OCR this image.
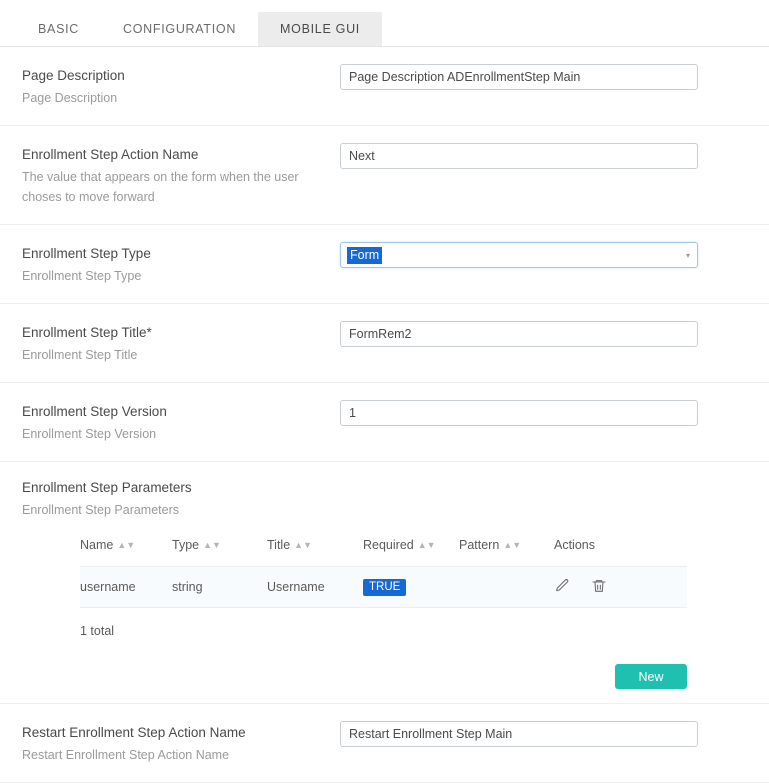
BASIC	CONFIGURATION	MOBILE GUI
Page Description
Page Description
Page Description ADEnrollmentStep Main
Enrollment Step Action Name
The value that appears on the form when the user choses to move forward
Next
Enrollment Step Type
Enrollment Step Type
Form	▾
Enrollment Step Title*
Enrollment Step Title
FormRem2
Enrollment Step Version
Enrollment Step Version
1
Enrollment Step Parameters
Enrollment Step Parameters
Name ▲▼	Type ▲▼	Title ▲▼	Required ▲▼	Pattern ▲▼	Actions
username	string	Username	TRUE		
1 total
New
Restart Enrollment Step Action Name
Restart Enrollment Step Action Name
Restart Enrollment Step Main
